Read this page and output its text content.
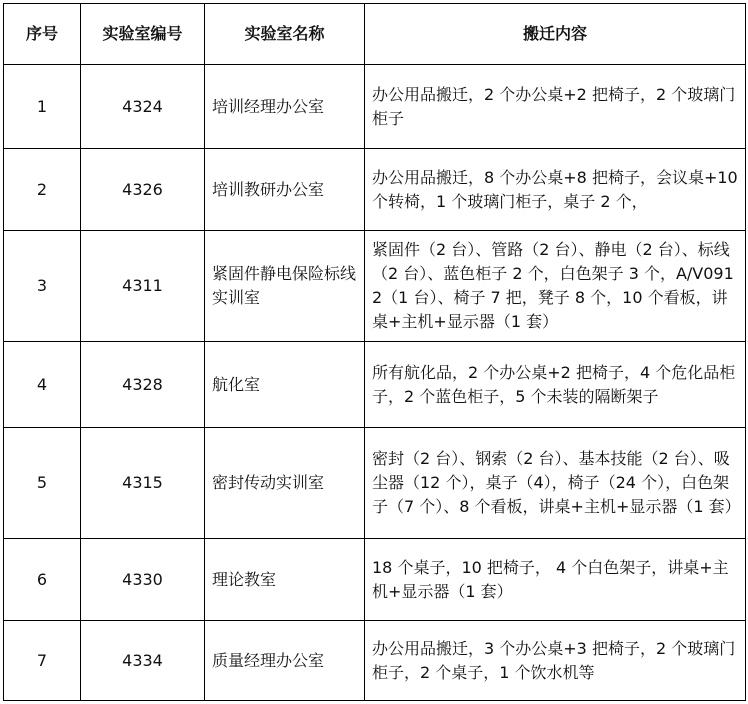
序号	实验室编号	实验室名称	搬迁内容
1	4324	培训经理办公室	办公用品搬迁，2 个办公桌+2 把椅子，2 个玻璃门柜子
2	4326	培训教研办公室	办公用品搬迁，8 个办公桌+8 把椅子，会议桌+10 个转椅，1 个玻璃门柜子，桌子 2 个，
3	4311	紧固件静电保险标线实训室	紧固件（2 台）、管路（2 台）、静电（2 台）、标线（2 台）、蓝色柜子 2 个，白色架子 3 个，A/V0912（1 台）、椅子 7 把，凳子 8 个，10 个看板，讲桌+主机+显示器（1 套）
4	4328	航化室	所有航化品，2 个办公桌+2 把椅子，4 个危化品柜子，2 个蓝色柜子，5 个未装的隔断架子
5	4315	密封传动实训室	密封（2 台）、钢索（2 台）、基本技能（2 台）、吸尘器（12 个），桌子（4），椅子（24 个），白色架子（7 个）、8 个看板，讲桌+主机+显示器（1 套）
6	4330	理论教室	18 个桌子，10 把椅子， 4 个白色架子，讲桌+主机+显示器（1 套）
7	4334	质量经理办公室	办公用品搬迁，3 个办公桌+3 把椅子，2 个玻璃门柜子，2 个桌子，1 个饮水机等
